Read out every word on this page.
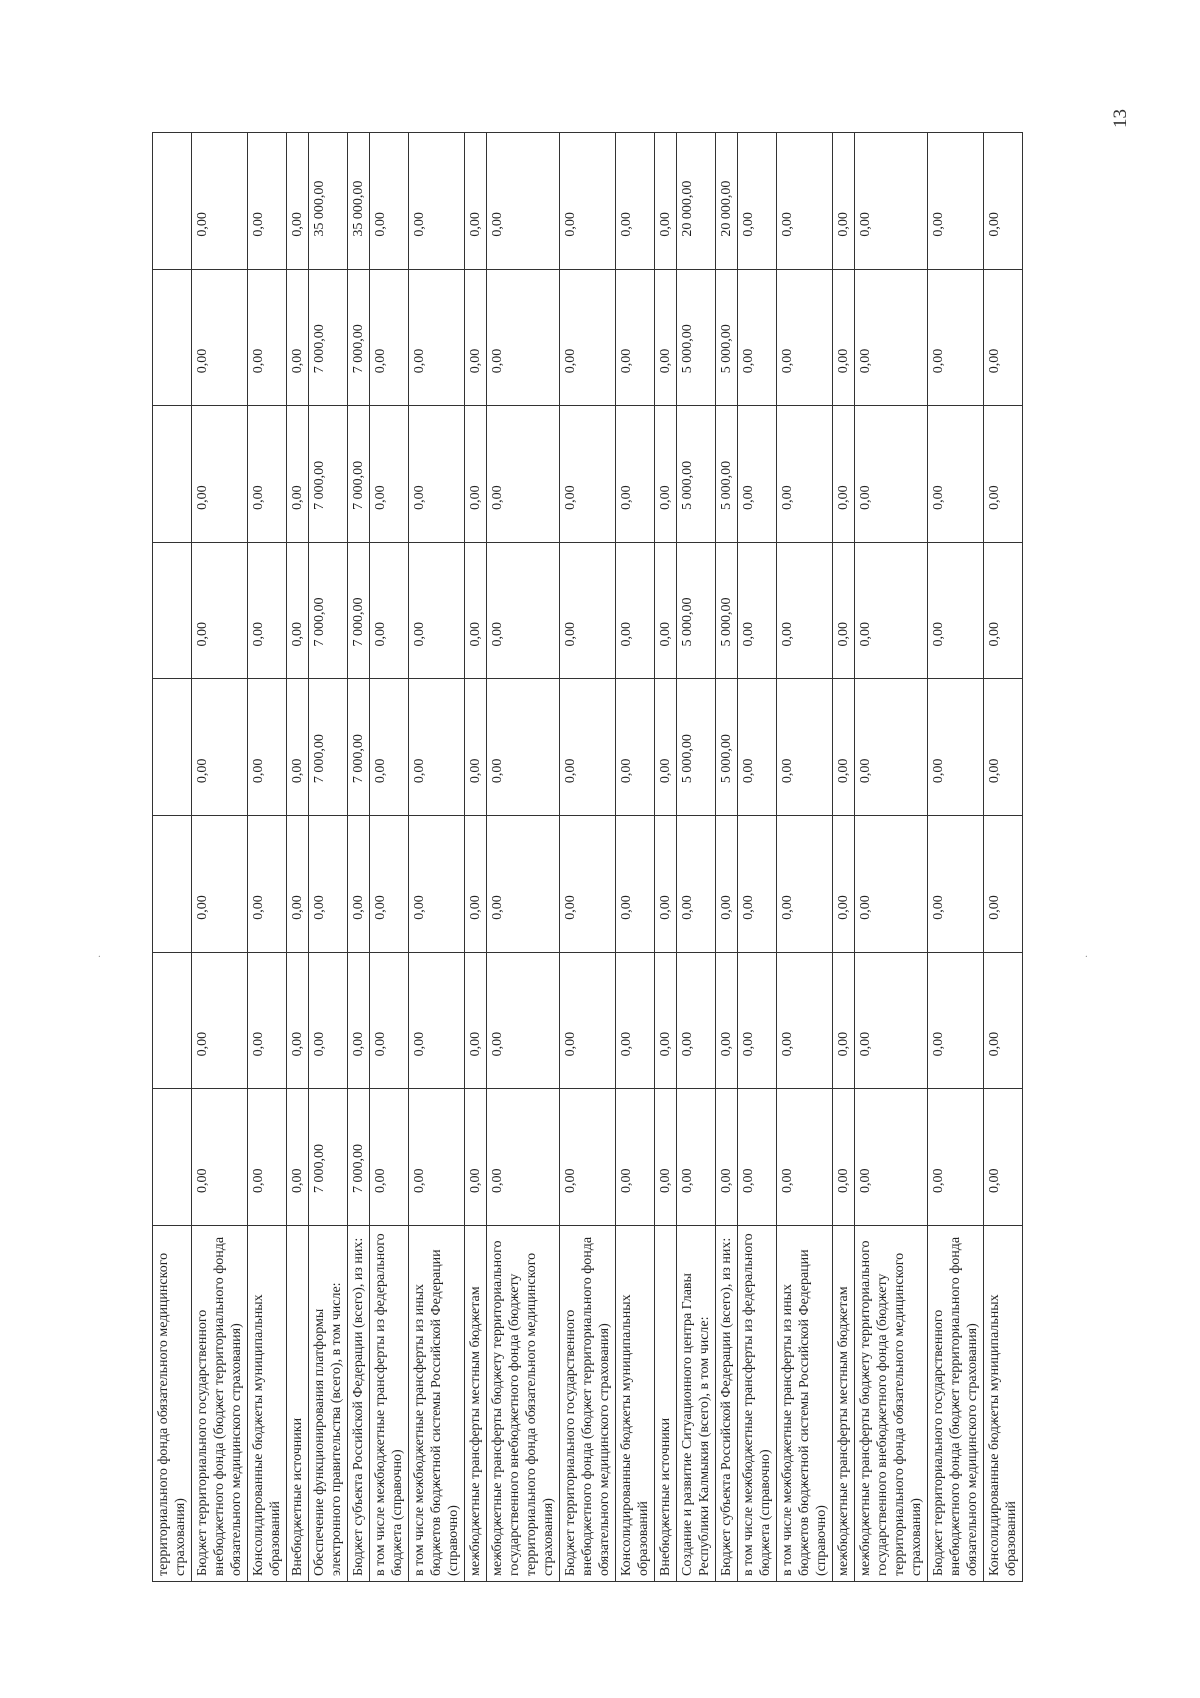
территориального фонда обязательного медицинского страхования)								
Бюджет территориального государственного внебюджетного фонда (бюджет территориального фонда обязательного медицинского страхования)	0,00	0,00	0,00	0,00	0,00	0,00	0,00	0,00
Консолидированные бюджеты муниципальных образований	0,00	0,00	0,00	0,00	0,00	0,00	0,00	0,00
Внебюджетные источники	0,00	0,00	0,00	0,00	0,00	0,00	0,00	0,00
Обеспечение функционирования платформы электронного правительства (всего), в том числе:	7 000,00	0,00	0,00	7 000,00	7 000,00	7 000,00	7 000,00	35 000,00
Бюджет субъекта Российской Федерации (всего), из них:	7 000,00	0,00	0,00	7 000,00	7 000,00	7 000,00	7 000,00	35 000,00
в том числе межбюджетные трансферты из федерального бюджета (справочно)	0,00	0,00	0,00	0,00	0,00	0,00	0,00	0,00
в том числе межбюджетные трансферты из иных бюджетов бюджетной системы Российской Федерации (справочно)	0,00	0,00	0,00	0,00	0,00	0,00	0,00	0,00
межбюджетные трансферты местным бюджетам	0,00	0,00	0,00	0,00	0,00	0,00	0,00	0,00
межбюджетные трансферты бюджету территориального государственного внебюджетного фонда (бюджету территориального фонда обязательного медицинского страхования)	0,00	0,00	0,00	0,00	0,00	0,00	0,00	0,00
Бюджет территориального государственного внебюджетного фонда (бюджет территориального фонда обязательного медицинского страхования)	0,00	0,00	0,00	0,00	0,00	0,00	0,00	0,00
Консолидированные бюджеты муниципальных образований	0,00	0,00	0,00	0,00	0,00	0,00	0,00	0,00
Внебюджетные источники	0,00	0,00	0,00	0,00	0,00	0,00	0,00	0,00
Создание и развитие Ситуационного центра Главы Республики Калмыкия (всего), в том числе:	0,00	0,00	0,00	5 000,00	5 000,00	5 000,00	5 000,00	20 000,00
Бюджет субъекта Российской Федерации (всего), из них:	0,00	0,00	0,00	5 000,00	5 000,00	5 000,00	5 000,00	20 000,00
в том числе межбюджетные трансферты из федерального бюджета (справочно)	0,00	0,00	0,00	0,00	0,00	0,00	0,00	0,00
в том числе межбюджетные трансферты из иных бюджетов бюджетной системы Российской Федерации (справочно)	0,00	0,00	0,00	0,00	0,00	0,00	0,00	0,00
межбюджетные трансферты местным бюджетам	0,00	0,00	0,00	0,00	0,00	0,00	0,00	0,00
межбюджетные трансферты бюджету территориального государственного внебюджетного фонда (бюджету территориального фонда обязательного медицинского страхования)	0,00	0,00	0,00	0,00	0,00	0,00	0,00	0,00
Бюджет территориального государственного внебюджетного фонда (бюджет территориального фонда обязательного медицинского страхования)	0,00	0,00	0,00	0,00	0,00	0,00	0,00	0,00
Консолидированные бюджеты муниципальных образований	0,00	0,00	0,00	0,00	0,00	0,00	0,00	0,00
13
·	·
